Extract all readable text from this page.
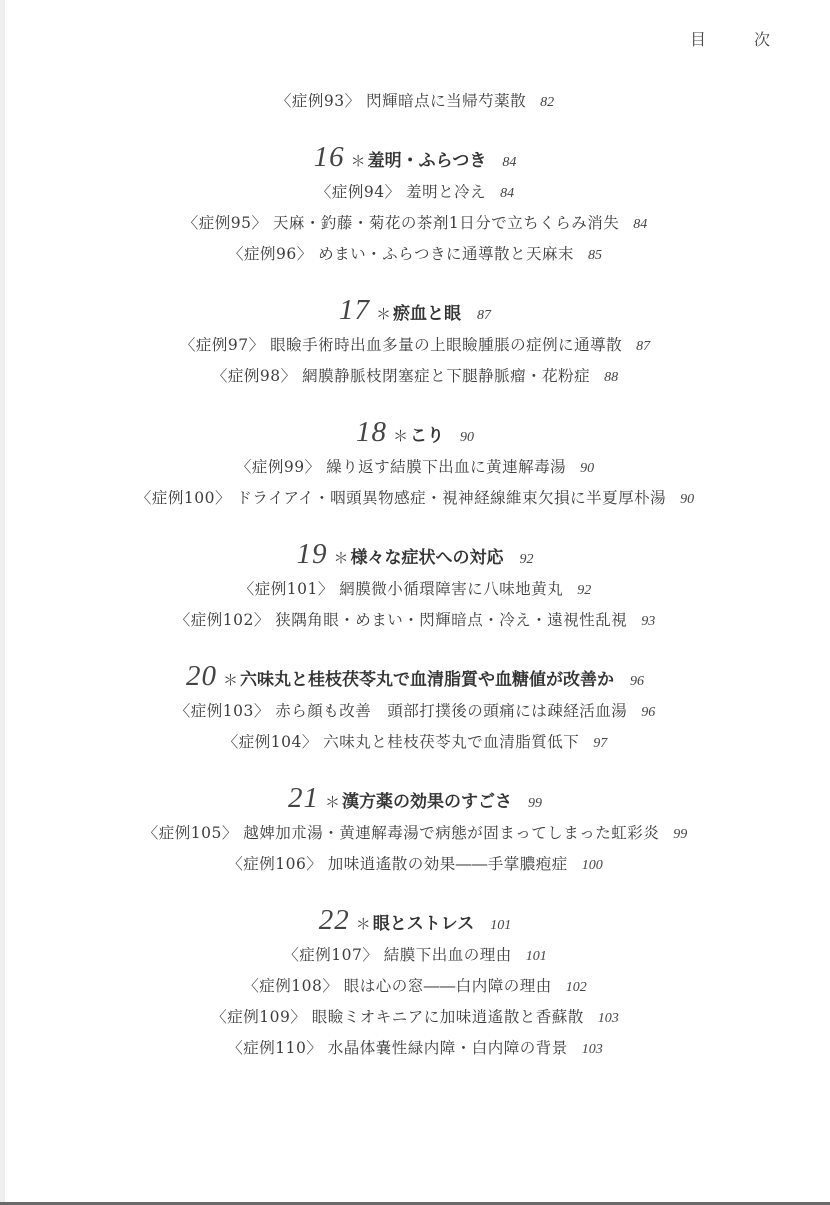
目	次
〈症例93〉 閃輝暗点に当帰芍薬散 82
16 ＊ 羞明・ふらつき 84
〈症例94〉 羞明と冷え 84
〈症例95〉 天麻・釣藤・菊花の茶剤1日分で立ちくらみ消失 84
〈症例96〉 めまい・ふらつきに通導散と天麻末 85
17 ＊ 瘀血と眼 87
〈症例97〉 眼瞼手術時出血多量の上眼瞼腫脹の症例に通導散 87
〈症例98〉 網膜静脈枝閉塞症と下腿静脈瘤・花粉症 88
18 ＊ こり 90
〈症例99〉 繰り返す結膜下出血に黄連解毒湯 90
〈症例100〉 ドライアイ・咽頭異物感症・視神経線維束欠損に半夏厚朴湯 90
19 ＊ 様々な症状への対応 92
〈症例101〉 網膜微小循環障害に八味地黄丸 92
〈症例102〉 狭隅角眼・めまい・閃輝暗点・冷え・遠視性乱視 93
20 ＊ 六味丸と桂枝茯苓丸で血清脂質や血糖値が改善か 96
〈症例103〉 赤ら顔も改善　頭部打撲後の頭痛には疎経活血湯 96
〈症例104〉 六味丸と桂枝茯苓丸で血清脂質低下 97
21 ＊ 漢方薬の効果のすごさ 99
〈症例105〉 越婢加朮湯・黄連解毒湯で病態が固まってしまった虹彩炎 99
〈症例106〉 加味逍遙散の効果――手掌膿疱症 100
22 ＊ 眼とストレス 101
〈症例107〉 結膜下出血の理由 101
〈症例108〉 眼は心の窓――白内障の理由 102
〈症例109〉 眼瞼ミオキニアに加味逍遙散と香蘇散 103
〈症例110〉 水晶体嚢性緑内障・白内障の背景 103
